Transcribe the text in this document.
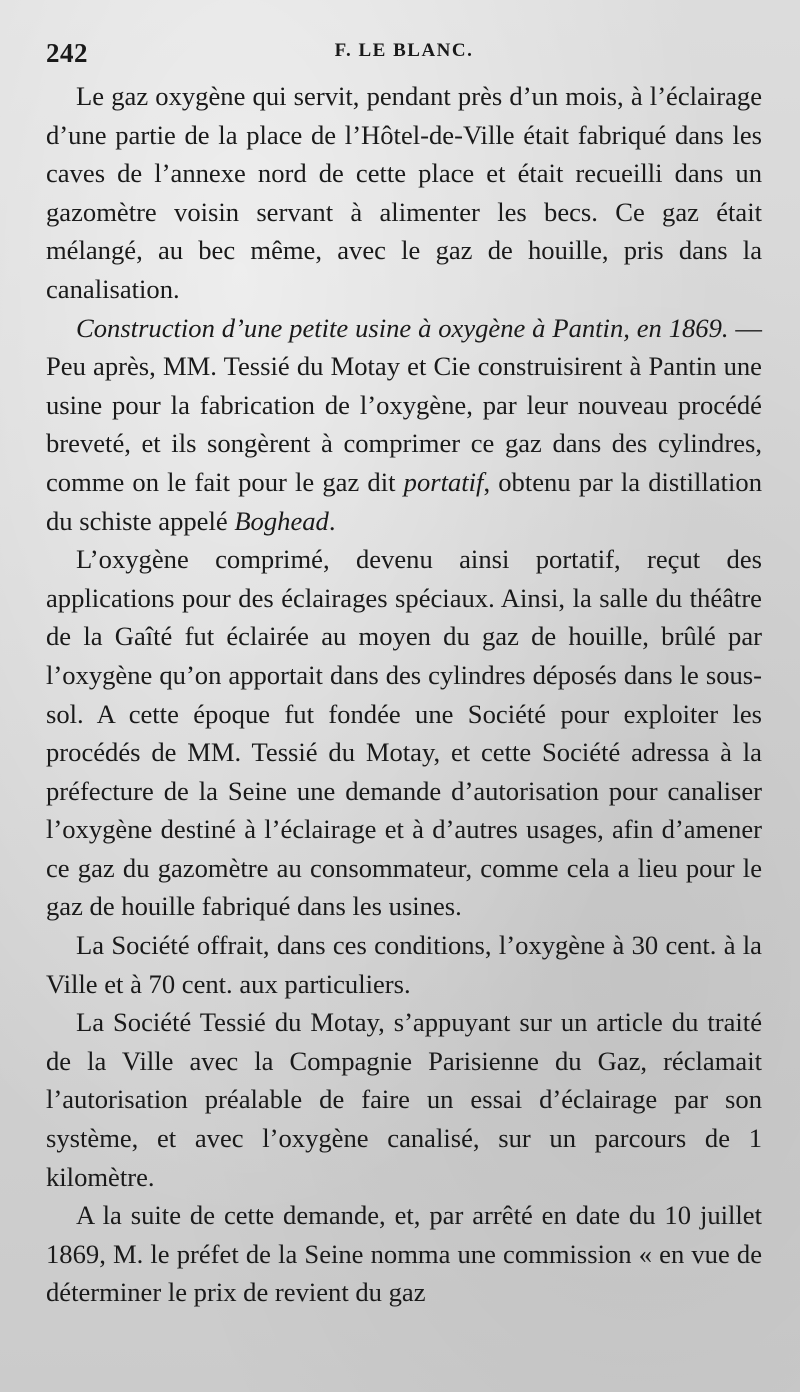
242	F. LE BLANC.

Le gaz oxygène qui servit, pendant près d’un mois, à l’éclairage d’une partie de la place de l’Hôtel-de-Ville était fabriqué dans les caves de l’annexe nord de cette place et était recueilli dans un gazomètre voisin servant à alimenter les becs. Ce gaz était mélangé, au bec même, avec le gaz de houille, pris dans la canalisation.

Construction d’une petite usine à oxygène à Pantin, en 1869. — Peu après, MM. Tessié du Motay et Cie construisirent à Pantin une usine pour la fabrication de l’oxygène, par leur nouveau procédé breveté, et ils songèrent à comprimer ce gaz dans des cylindres, comme on le fait pour le gaz dit portatif, obtenu par la distillation du schiste appelé Boghead.

L’oxygène comprimé, devenu ainsi portatif, reçut des applications pour des éclairages spéciaux. Ainsi, la salle du théâtre de la Gaîté fut éclairée au moyen du gaz de houille, brûlé par l’oxygène qu’on apportait dans des cylindres déposés dans le sous-sol. A cette époque fut fondée une Société pour exploiter les procédés de MM. Tessié du Motay, et cette Société adressa à la préfecture de la Seine une demande d’autorisation pour canaliser l’oxygène destiné à l’éclairage et à d’autres usages, afin d’amener ce gaz du gazomètre au consommateur, comme cela a lieu pour le gaz de houille fabriqué dans les usines.

La Société offrait, dans ces conditions, l’oxygène à 30 cent. à la Ville et à 70 cent. aux particuliers.

La Société Tessié du Motay, s’appuyant sur un article du traité de la Ville avec la Compagnie Parisienne du Gaz, réclamait l’autorisation préalable de faire un essai d’éclairage par son système, et avec l’oxygène canalisé, sur un parcours de 1 kilomètre.

A la suite de cette demande, et, par arrêté en date du 10 juillet 1869, M. le préfet de la Seine nomma une commission « en vue de déterminer le prix de revient du gaz
